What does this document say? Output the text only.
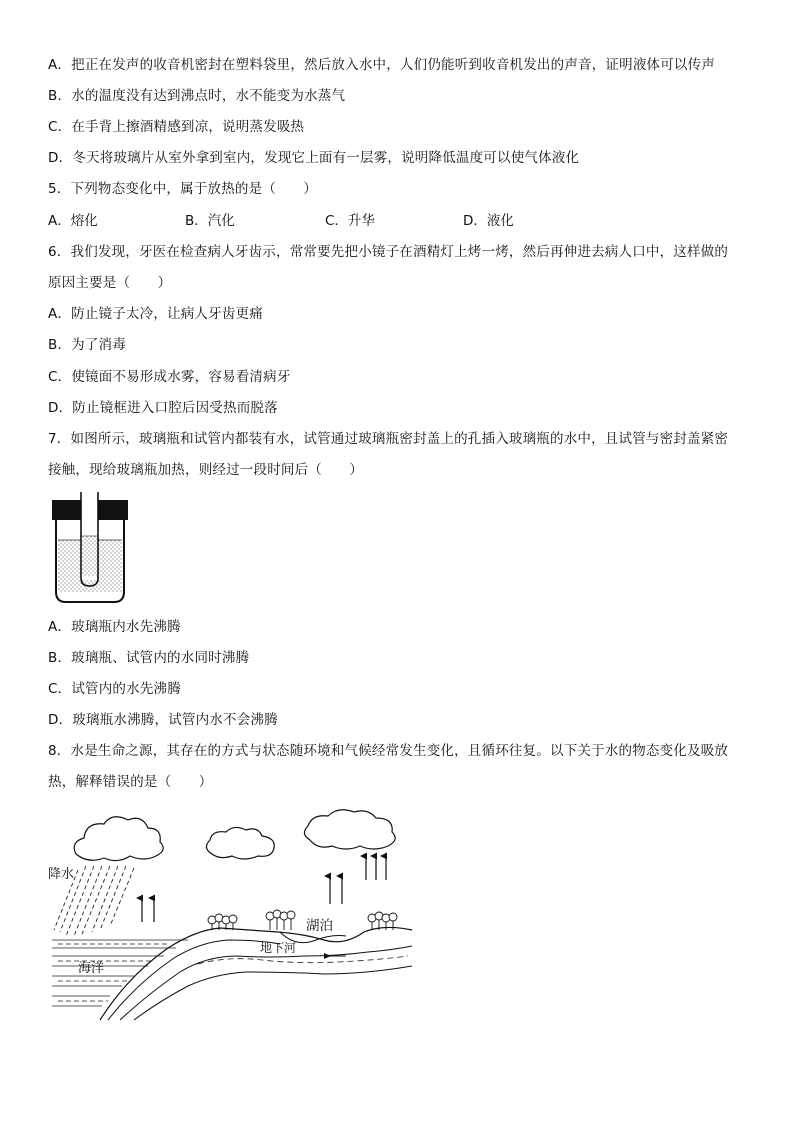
A．把正在发声的收音机密封在塑料袋里，然后放入水中，人们仍能听到收音机发出的声音，证明液体可以传声
B．水的温度没有达到沸点时，水不能变为水蒸气
C．在手背上擦酒精感到凉，说明蒸发吸热
D．冬天将玻璃片从室外拿到室内，发现它上面有一层雾，说明降低温度可以使气体液化
5．下列物态变化中，属于放热的是（　　）
A．熔化	B．汽化	C．升华	D．液化
6．我们发现，牙医在检查病人牙齿示，常常要先把小镜子在酒精灯上烤一烤，然后再伸进去病人口中，这样做的
原因主要是（　　）
A．防止镜子太冷，让病人牙齿更痛
B．为了消毒
C．使镜面不易形成水雾，容易看清病牙
D．防止镜框进入口腔后因受热而脱落
7．如图所示，玻璃瓶和试管内都装有水，试管通过玻璃瓶密封盖上的孔插入玻璃瓶的水中，且试管与密封盖紧密
接触，现给玻璃瓶加热，则经过一段时间后（　　）
A．玻璃瓶内水先沸腾
B．玻璃瓶、试管内的水同时沸腾
C．试管内的水先沸腾
D．玻璃瓶水沸腾，试管内水不会沸腾
8．水是生命之源，其存在的方式与状态随环境和气候经常发生变化，且循环往复。以下关于水的物态变化及吸放
热，解释错误的是（　　）
降水
海洋
地下河
湖泊
